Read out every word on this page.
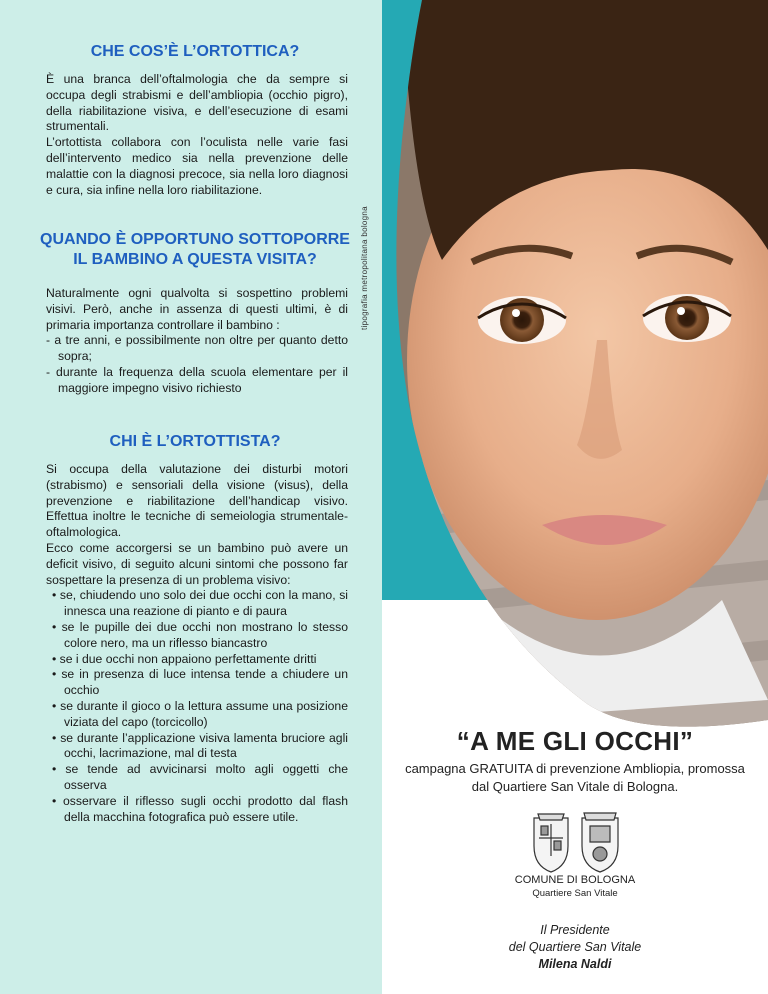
CHE COS’È L’ORTOTTICA?

È una branca dell’oftalmologia che da sempre si occupa degli strabismi e dell’ambliopia (occhio pigro), della riabilitazione visiva, e dell’esecuzione di esami strumentali.

L’ortottista collabora con l’oculista nelle varie fasi dell’intervento medico sia nella prevenzione delle malattie con la diagnosi precoce, sia nella loro diagnosi e cura, sia infine nella loro riabilitazione.

QUANDO È OPPORTUNO SOTTOPORRE
IL BAMBINO A QUESTA VISITA?

Naturalmente ogni qualvolta si sospettino problemi visivi. Però, anche in assenza di questi ultimi, è di primaria importanza controllare il bambino :

- a tre anni, e possibilmente non oltre per quanto detto sopra;
- durante la frequenza della scuola elementare per il maggiore impegno visivo richiesto
CHI È L’ORTOTTISTA?

Si occupa della valutazione dei disturbi motori (strabismo) e sensoriali della visione (visus), della prevenzione e riabilitazione dell’handicap visivo. Effettua inoltre le tecniche di semeiologia strumentale-oftalmologica.

Ecco come accorgersi se un bambino può avere un deficit visivo, di seguito alcuni sintomi che possono far sospettare la presenza di un problema visivo:

• se, chiudendo uno solo dei due occhi con la mano, si innesca una reazione di pianto e di paura
• se le pupille dei due occhi non mostrano lo stesso colore nero, ma un riflesso biancastro
• se i due occhi non appaiono perfettamente dritti
• se in presenza di luce intensa tende a chiudere un occhio
• se durante il gioco o la lettura assume una posizione viziata del capo (torcicollo)
• se durante l’applicazione visiva lamenta bruciore agli occhi, lacrimazione, mal di testa
• se tende ad avvicinarsi molto agli oggetti che osserva
• osservare il riflesso sugli occhi prodotto dal flash della macchina fotografica può essere utile.
“A ME GLI OCCHI”
campagna GRATUITA di prevenzione Ambliopia, promossa
dal Quartiere San Vitale di Bologna.
COMUNE DI BOLOGNA
Quartiere San Vitale
Il Presidente
del Quartiere San Vitale
Milena Naldi
